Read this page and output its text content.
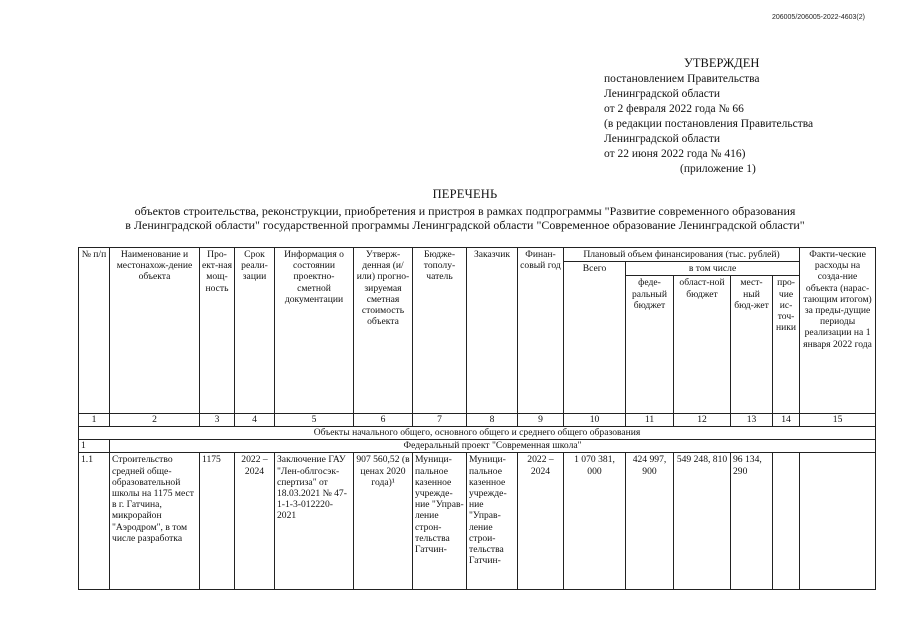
206005/206005-2022-4603(2)
УТВЕРЖДЕН
постановлением Правительства
Ленинградской области
от 2 февраля 2022 года № 66
(в редакции постановления Правительства
Ленинградской области
от 22 июня 2022 года № 416)
(приложение 1)
ПЕРЕЧЕНЬ
объектов строительства, реконструкции, приобретения и пристроя в рамках подпрограммы "Развитие современного образования
в Ленинградской области" государственной программы Ленинградской области "Современное образование Ленинградской области"
№ п/п	Наименование и местонахож-дение объекта	Про-ект-ная мощ-ность	Срок реали-зации	Информация о состоянии проектно-сметной документации	Утверж-денная (и/или) прогно-зируемая сметная стоимость объекта	Бюдже-тополу-чатель	Заказчик	Финан-совый год	Плановый объем финансирования (тыс. рублей)					Факти-ческие расходы на созда-ние объекта (нарас-тающим итогом) за преды-дущие периоды реализации на 1 января 2022 года
									Всего	в том числе				
										феде-ральный бюджет	област-ной бюджет	мест-ный бюд-жет	про-чие ис-точ-ники	
1	2	3	4	5	6	7	8	9	10	11	12	13	14	15
Объекты начального общего, основного общего и среднего общего образования														
1	Федеральный проект "Современная школа"													
1.1	Строительство средней обще-образовательной школы на 1175 мест в г. Гатчина, микрорайон "Аэродром", в том числе разработка	1175	2022 – 2024	Заключение ГАУ "Лен-облгосэк-спертиза" от 18.03.2021 № 47-1-1-3-012220-2021	907 560,52 (в ценах 2020 года)¹	Муници-пальное казенное учрежде-ние "Управ-ление строн-тельства Гатчин-	Муници-пальное казенное учрежде-ние "Управ-ление строи-тельства Гатчин-	2022 – 2024	1 070 381, 000	424 997, 900	549 248, 810	96 134, 290		
